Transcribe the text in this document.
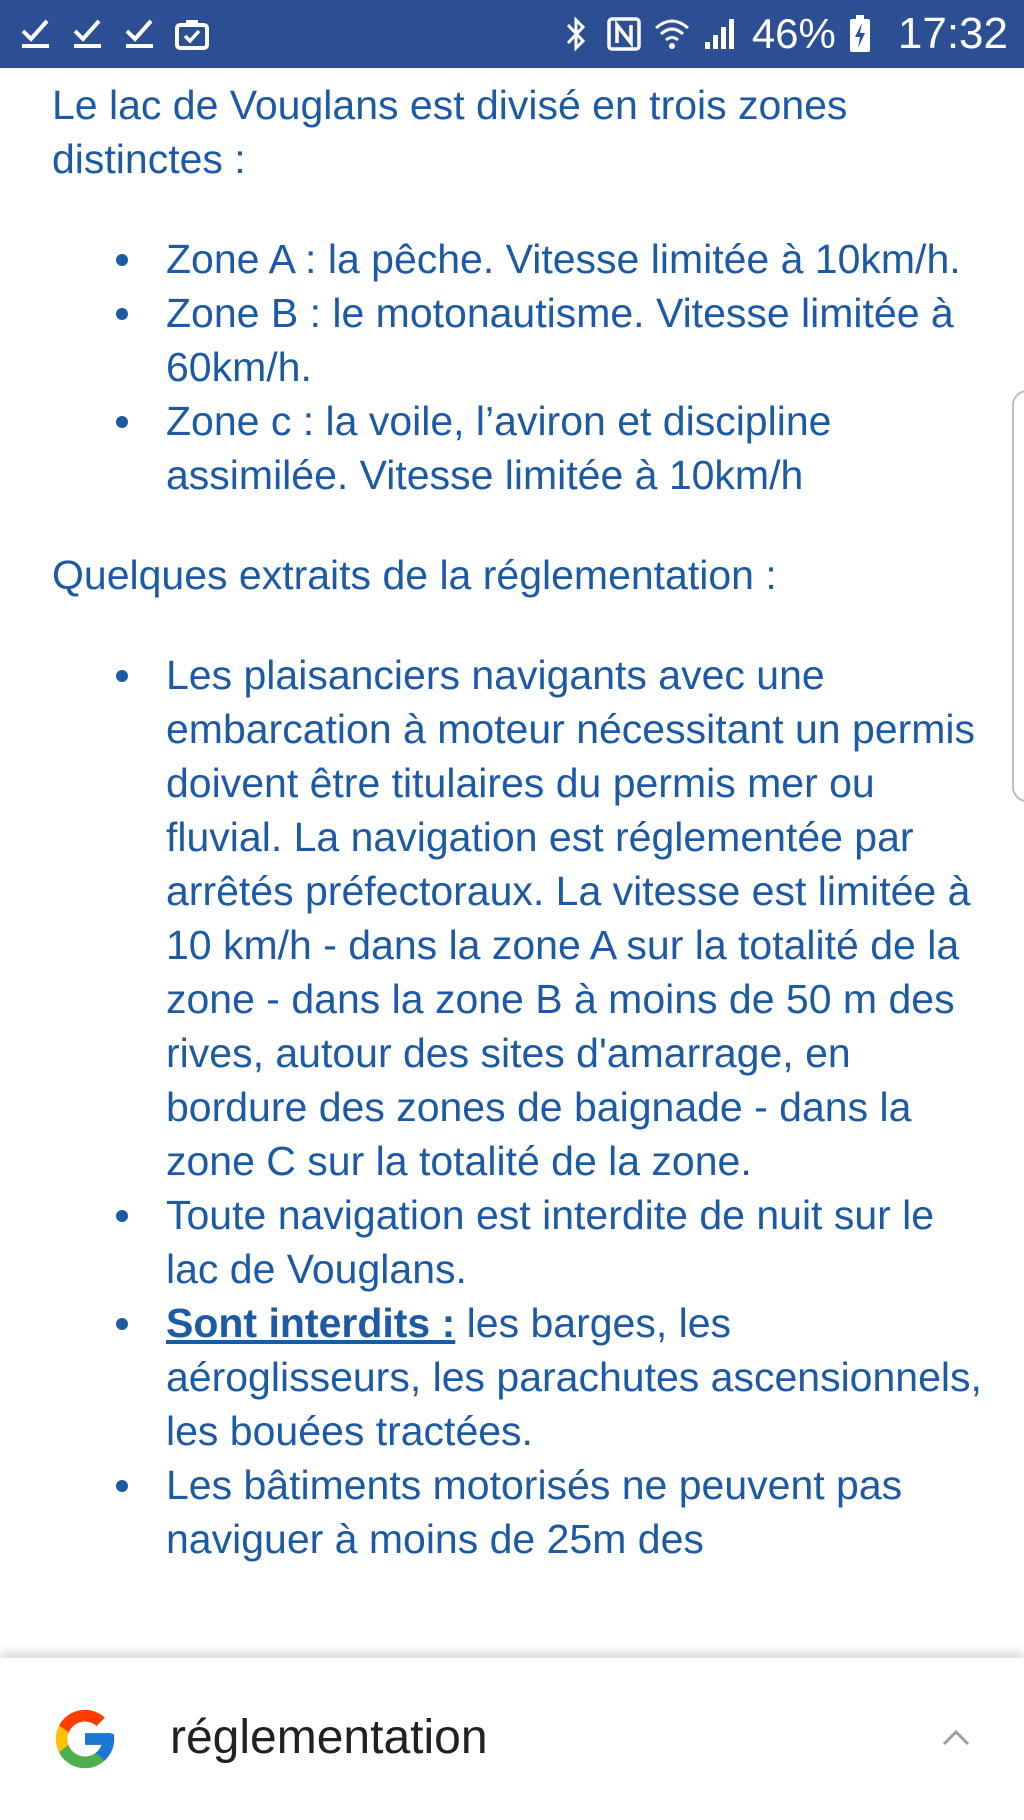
46% 17:32

Le lac de Vouglans est divisé en trois zones distinctes :

Zone A : la pêche. Vitesse limitée à 10km/h.
Zone B : le motonautisme. Vitesse limitée à 60km/h.
Zone c : la voile, l’aviron et discipline assimilée. Vitesse limitée à 10km/h

Quelques extraits de la réglementation :

Les plaisanciers navigants avec une embarcation à moteur nécessitant un permis doivent être titulaires du permis mer ou fluvial. La navigation est réglementée par arrêtés préfectoraux. La vitesse est limitée à 10 km/h - dans la zone A sur la totalité de la zone - dans la zone B à moins de 50 m des rives, autour des sites d'amarrage, en bordure des zones de baignade - dans la zone C sur la totalité de la zone.
Toute navigation est interdite de nuit sur le lac de Vouglans.
Sont interdits : les barges, les aéroglisseurs, les parachutes ascensionnels, les bouées tractées.
Les bâtiments motorisés ne peuvent pas naviguer à moins de 25m des
réglementation
